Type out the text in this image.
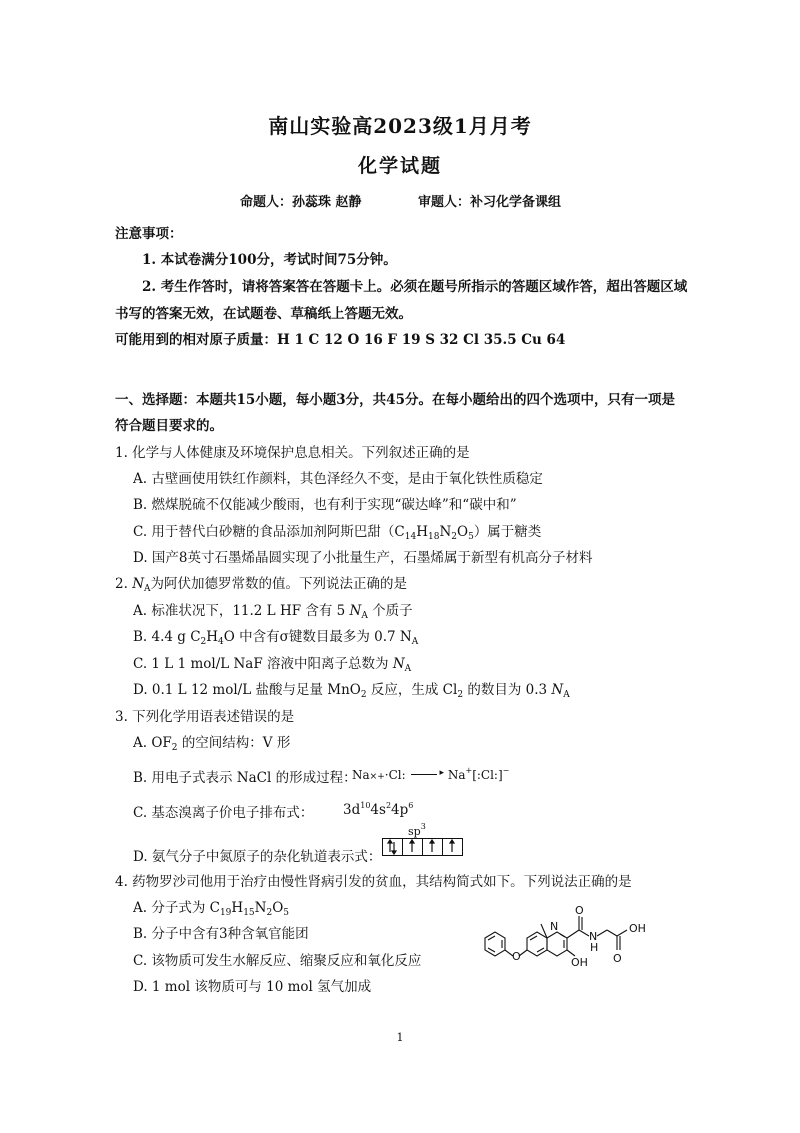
南山实验高2023级1月月考
化学试题
命题人：孙蕊珠 赵静	审题人：补习化学备课组
注意事项：
1. 本试卷满分100分，考试时间75分钟。
2. 考生作答时，请将答案答在答题卡上。必须在题号所指示的答题区域作答，超出答题区域
书写的答案无效，在试题卷、草稿纸上答题无效。
可能用到的相对原子质量：H 1 C 12 O 16 F 19 S 32 Cl 35.5 Cu 64
一、选择题：本题共15小题，每小题3分，共45分。在每小题给出的四个选项中，只有一项是
符合题目要求的。
1. 化学与人体健康及环境保护息息相关。下列叙述正确的是
A. 古壁画使用铁红作颜料，其色泽经久不变，是由于氧化铁性质稳定
B. 燃煤脱硫不仅能减少酸雨，也有利于实现“碳达峰”和“碳中和”
C. 用于替代白砂糖的食品添加剂阿斯巴甜$(C_{14}H_{18}N_2O_5)$属于糖类
D. 国产8英寸石墨烯晶圆实现了小批量生产，石墨烯属于新型有机高分子材料
2. $N_A$为阿伏加德罗常数的值。下列说法正确的是
A. 标准状况下，11.2 L HF 含有 5 $N_A$ 个质子
B. 4.4 g $C_2H_4O$ 中含有σ键数目最多为 0.7 $N_A$
C. 1 L 1 mol/L NaF 溶液中阳离子总数为 $N_A$
D. 0.1 L 12 mol/L 盐酸与足量 MnO$_2$ 反应，生成 $Cl_2$ 的数目为 0.3 $N_A$
3. 下列化学用语表述错误的是
A. $OF_2$ 的空间结构：V 形
B. 用电子式表示 NaCl 的形成过程：
Na×+·Cl:	▸ Na+[:Cl:]−
C. 基态溴离子价电子排布式： $3d^{10}4s^24p^6$
D. 氨气分子中氮原子的杂化轨道表示式：
$sp^3$
4. 药物罗沙司他用于治疗由慢性肾病引发的贫血，其结构简式如下。下列说法正确的是
A. 分子式为 $C_{19}H_{15}N_2O_5$
B. 分子中含有3种含氧官能团
C. 该物质可发生水解反应、缩聚反应和氧化反应
D. 1 mol 该物质可与 10 mol 氢气加成
O
N
OH
O
N
H
OH
O
1
